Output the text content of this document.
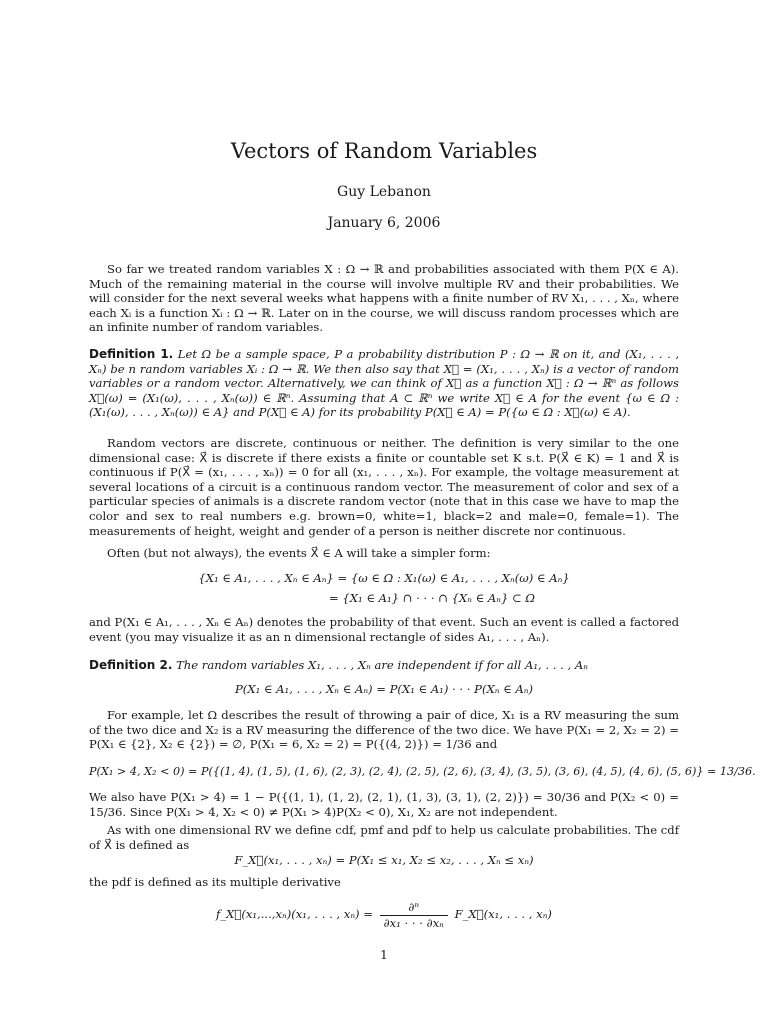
Vectors of Random Variables
Guy Lebanon
January 6, 2006
So far we treated random variables X : Ω → ℝ and probabilities associated with them P(X ∈ A). Much of the remaining material in the course will involve multiple RV and their probabilities. We will consider for the next several weeks what happens with a finite number of RV X₁, . . . , Xₙ, where each Xᵢ is a function Xᵢ : Ω → ℝ. Later on in the course, we will discuss random processes which are an infinite number of random variables.
Definition 1. Let Ω be a sample space, P a probability distribution P : Ω → ℝ on it, and (X₁, . . . , Xₙ) be n random variables Xᵢ : Ω → ℝ. We then also say that X⃗ = (X₁, . . . , Xₙ) is a vector of random variables or a random vector. Alternatively, we can think of X⃗ as a function X⃗ : Ω → ℝⁿ as follows X⃗(ω) = (X₁(ω), . . . , Xₙ(ω)) ∈ ℝⁿ. Assuming that A ⊂ ℝⁿ we write X⃗ ∈ A for the event {ω ∈ Ω : (X₁(ω), . . . , Xₙ(ω)) ∈ A} and P(X⃗ ∈ A) for its probability P(X⃗ ∈ A) = P({ω ∈ Ω : X⃗(ω) ∈ A).
Random vectors are discrete, continuous or neither. The definition is very similar to the one dimensional case: X⃗ is discrete if there exists a finite or countable set K s.t. P(X⃗ ∈ K) = 1 and X⃗ is continuous if P(X⃗ = (x₁, . . . , xₙ)) = 0 for all (x₁, . . . , xₙ). For example, the voltage measurement at several locations of a circuit is a continuous random vector. The measurement of color and sex of a particular species of animals is a discrete random vector (note that in this case we have to map the color and sex to real numbers e.g. brown=0, white=1, black=2 and male=0, female=1). The measurements of height, weight and gender of a person is neither discrete nor continuous.
Often (but not always), the events X⃗ ∈ A will take a simpler form:
{X₁ ∈ A₁, . . . , Xₙ ∈ Aₙ} = {ω ∈ Ω : X₁(ω) ∈ A₁, . . . , Xₙ(ω) ∈ Aₙ}
= {X₁ ∈ A₁} ∩ · · · ∩ {Xₙ ∈ Aₙ} ⊂ Ω
and P(X₁ ∈ A₁, . . . , Xₙ ∈ Aₙ) denotes the probability of that event. Such an event is called a factored event (you may visualize it as an n dimensional rectangle of sides A₁, . . . , Aₙ).
Definition 2. The random variables X₁, . . . , Xₙ are independent if for all A₁, . . . , Aₙ
P(X₁ ∈ A₁, . . . , Xₙ ∈ Aₙ) = P(X₁ ∈ A₁) · · · P(Xₙ ∈ Aₙ)
For example, let Ω describes the result of throwing a pair of dice, X₁ is a RV measuring the sum of the two dice and X₂ is a RV measuring the difference of the two dice. We have P(X₁ = 2, X₂ = 2) = P(X₁ ∈ {2}, X₂ ∈ {2}) = ∅, P(X₁ = 6, X₂ = 2) = P({(4, 2)}) = 1/36 and
P(X₁ > 4, X₂ < 0) = P({(1, 4), (1, 5), (1, 6), (2, 3), (2, 4), (2, 5), (2, 6), (3, 4), (3, 5), (3, 6), (4, 5), (4, 6), (5, 6)} = 13/36.
We also have P(X₁ > 4) = 1 − P({(1, 1), (1, 2), (2, 1), (1, 3), (3, 1), (2, 2)}) = 30/36 and P(X₂ < 0) = 15/36. Since P(X₁ > 4, X₂ < 0) ≠ P(X₁ > 4)P(X₂ < 0), X₁, X₂ are not independent.
As with one dimensional RV we define cdf, pmf and pdf to help us calculate probabilities. The cdf of X⃗ is defined as
F_X⃗(x₁, . . . , xₙ) = P(X₁ ≤ x₁, X₂ ≤ x₂, . . . , Xₙ ≤ xₙ)
the pdf is defined as its multiple derivative
f_X⃗(x₁,...,xₙ)(x₁, . . . , $x_n) = \frac{\text{∂ⁿ}}{\text{∂x₁ · · · ∂xₙ}}$ F_X⃗(x₁, . . . , xₙ)
1
